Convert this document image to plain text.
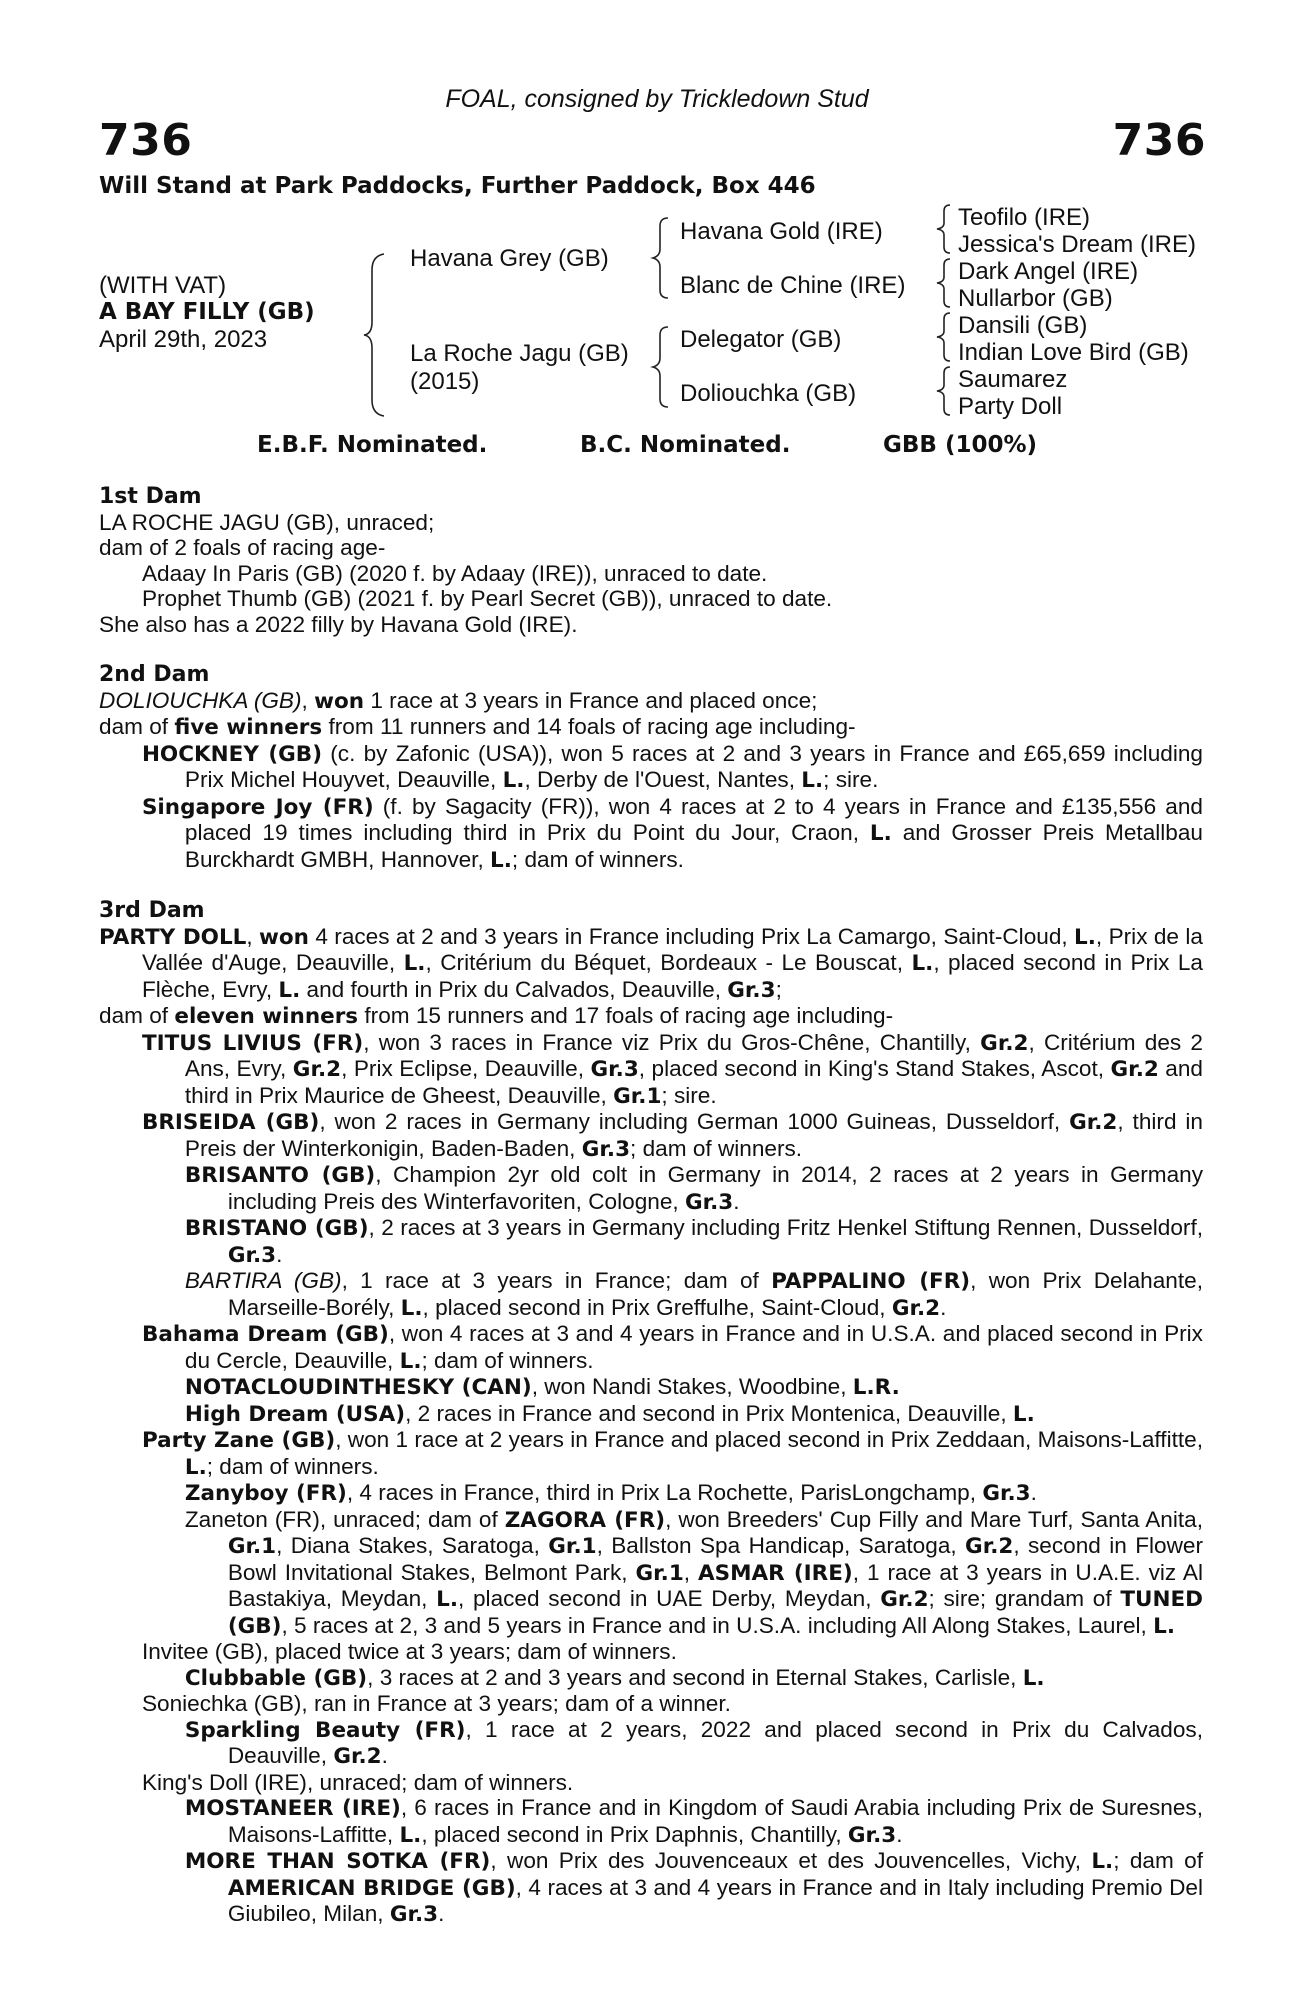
FOAL, consigned by Trickledown Stud
736	736
Will Stand at Park Paddocks, Further Paddock, Box 446
(WITH VAT)
A BAY FILLY (GB)
April 29th, 2023
Havana Grey (GB)
La Roche Jagu (GB)
(2015)
Havana Gold (IRE)
Blanc de Chine (IRE)
Delegator (GB)
Doliouchka (GB)
Teofilo (IRE)
Jessica's Dream (IRE)
Dark Angel (IRE)
Nullarbor (GB)
Dansili (GB)
Indian Love Bird (GB)
Saumarez
Party Doll
E.B.F. Nominated.	B.C. Nominated.	GBB (100%)
1st Dam
LA ROCHE JAGU (GB), unraced;
dam of 2 foals of racing age-
Adaay In Paris (GB) (2020 f. by Adaay (IRE)), unraced to date.
Prophet Thumb (GB) (2021 f. by Pearl Secret (GB)), unraced to date.
She also has a 2022 filly by Havana Gold (IRE).
2nd Dam
DOLIOUCHKA (GB), won 1 race at 3 years in France and placed once;
dam of five winners from 11 runners and 14 foals of racing age including-
HOCKNEY (GB) (c. by Zafonic (USA)), won 5 races at 2 and 3 years in France and £65,659 including Prix Michel Houyvet, Deauville, L., Derby de l'Ouest, Nantes, L.; sire.
Singapore Joy (FR) (f. by Sagacity (FR)), won 4 races at 2 to 4 years in France and £135,556 and placed 19 times including third in Prix du Point du Jour, Craon, L. and Grosser Preis Metallbau Burckhardt GMBH, Hannover, L.; dam of winners.
3rd Dam
PARTY DOLL, won 4 races at 2 and 3 years in France including Prix La Camargo, Saint-Cloud, L., Prix de la Vallée d'Auge, Deauville, L., Critérium du Béquet, Bordeaux - Le Bouscat, L., placed second in Prix La Flèche, Evry, L. and fourth in Prix du Calvados, Deauville, Gr.3;
dam of eleven winners from 15 runners and 17 foals of racing age including-
TITUS LIVIUS (FR), won 3 races in France viz Prix du Gros-Chêne, Chantilly, Gr.2, Critérium des 2 Ans, Evry, Gr.2, Prix Eclipse, Deauville, Gr.3, placed second in King's Stand Stakes, Ascot, Gr.2 and third in Prix Maurice de Gheest, Deauville, Gr.1; sire.
BRISEIDA (GB), won 2 races in Germany including German 1000 Guineas, Dusseldorf, Gr.2, third in Preis der Winterkonigin, Baden-Baden, Gr.3; dam of winners.
BRISANTO (GB), Champion 2yr old colt in Germany in 2014, 2 races at 2 years in Germany including Preis des Winterfavoriten, Cologne, Gr.3.
BRISTANO (GB), 2 races at 3 years in Germany including Fritz Henkel Stiftung Rennen, Dusseldorf, Gr.3.
BARTIRA (GB), 1 race at 3 years in France; dam of PAPPALINO (FR), won Prix Delahante, Marseille-Borély, L., placed second in Prix Greffulhe, Saint-Cloud, Gr.2.
Bahama Dream (GB), won 4 races at 3 and 4 years in France and in U.S.A. and placed second in Prix du Cercle, Deauville, L.; dam of winners.
NOTACLOUDINTHESKY (CAN), won Nandi Stakes, Woodbine, L.R.
High Dream (USA), 2 races in France and second in Prix Montenica, Deauville, L.
Party Zane (GB), won 1 race at 2 years in France and placed second in Prix Zeddaan, Maisons-Laffitte, L.; dam of winners.
Zanyboy (FR), 4 races in France, third in Prix La Rochette, ParisLongchamp, Gr.3.
Zaneton (FR), unraced; dam of ZAGORA (FR), won Breeders' Cup Filly and Mare Turf, Santa Anita, Gr.1, Diana Stakes, Saratoga, Gr.1, Ballston Spa Handicap, Saratoga, Gr.2, second in Flower Bowl Invitational Stakes, Belmont Park, Gr.1, ASMAR (IRE), 1 race at 3 years in U.A.E. viz Al Bastakiya, Meydan, L., placed second in UAE Derby, Meydan, Gr.2; sire; grandam of TUNED (GB), 5 races at 2, 3 and 5 years in France and in U.S.A. including All Along Stakes, Laurel, L.
Invitee (GB), placed twice at 3 years; dam of winners.
Clubbable (GB), 3 races at 2 and 3 years and second in Eternal Stakes, Carlisle, L.
Soniechka (GB), ran in France at 3 years; dam of a winner.
Sparkling Beauty (FR), 1 race at 2 years, 2022 and placed second in Prix du Calvados, Deauville, Gr.2.
King's Doll (IRE), unraced; dam of winners.
MOSTANEER (IRE), 6 races in France and in Kingdom of Saudi Arabia including Prix de Suresnes, Maisons-Laffitte, L., placed second in Prix Daphnis, Chantilly, Gr.3.
MORE THAN SOTKA (FR), won Prix des Jouvenceaux et des Jouvencelles, Vichy, L.; dam of AMERICAN BRIDGE (GB), 4 races at 3 and 4 years in France and in Italy including Premio Del Giubileo, Milan, Gr.3.
